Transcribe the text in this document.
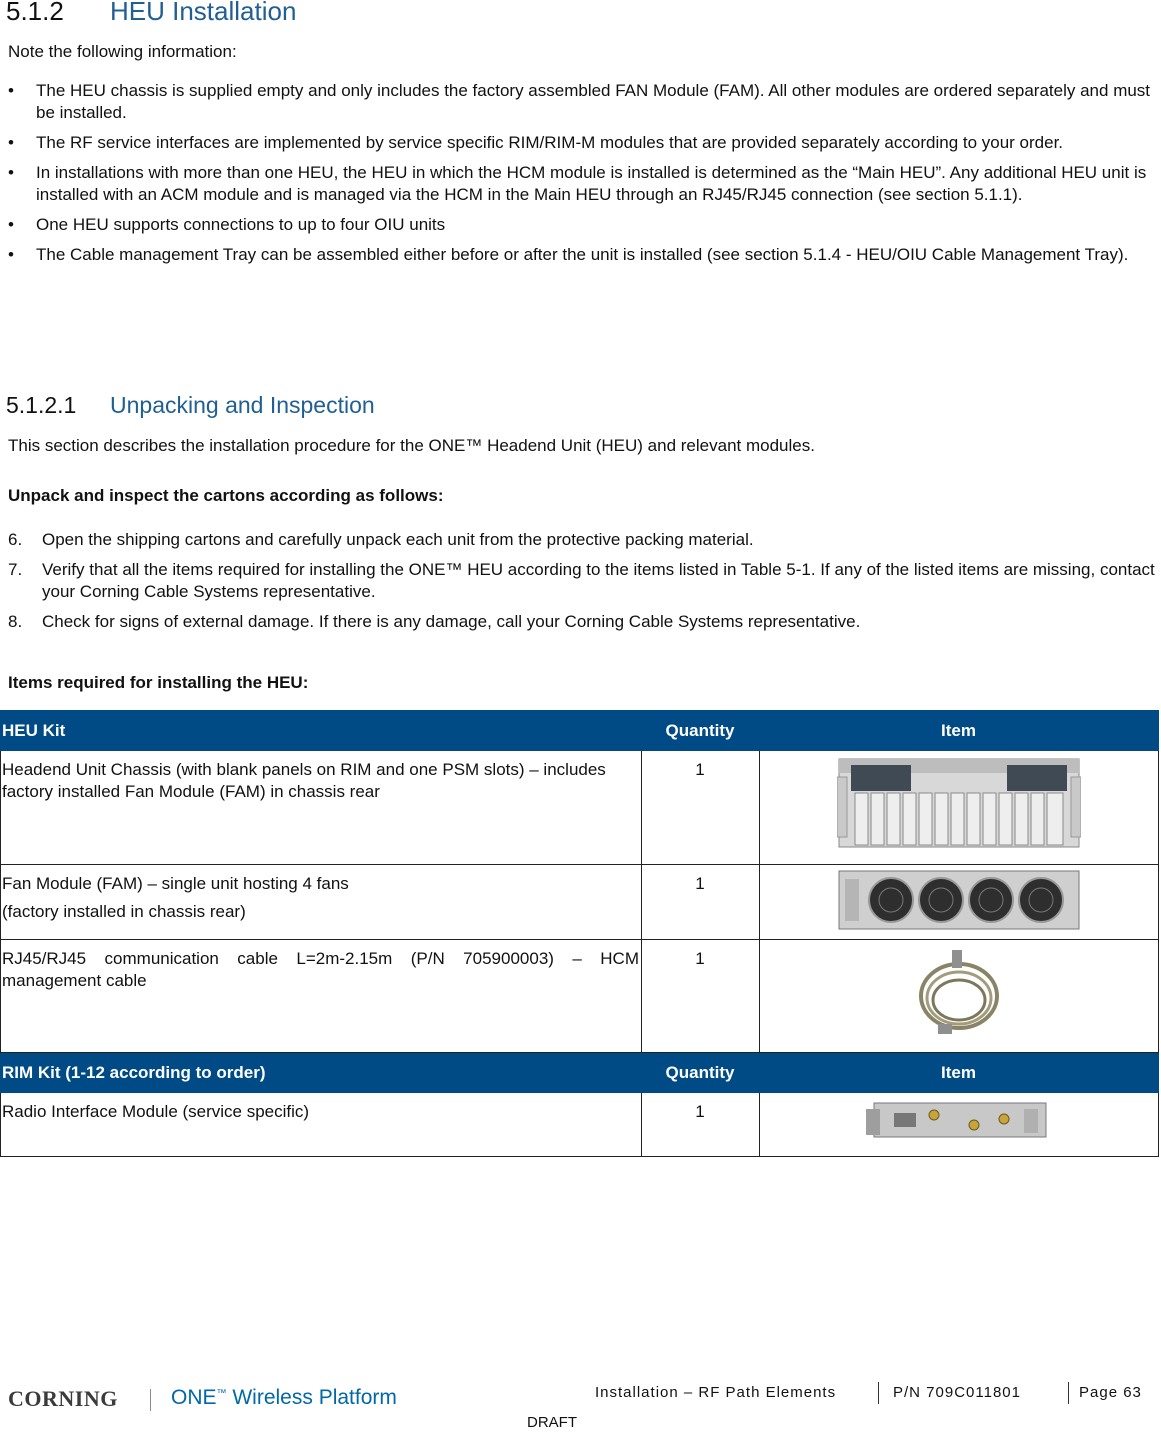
5.1.2 HEU Installation
Note the following information:
• The HEU chassis is supplied empty and only includes the factory assembled FAN Module (FAM). All other modules are ordered separately and must be installed.
• The RF service interfaces are implemented by service specific RIM/RIM-M modules that are provided separately according to your order.
• In installations with more than one HEU, the HEU in which the HCM module is installed is determined as the “Main HEU”. Any additional HEU unit is installed with an ACM module and is managed via the HCM in the Main HEU through an RJ45/RJ45 connection (see section 5.1.1).
• One HEU supports connections to up to four OIU units
• The Cable management Tray can be assembled either before or after the unit is installed (see section 5.1.4 - HEU/OIU Cable Management Tray).
5.1.2.1 Unpacking and Inspection
This section describes the installation procedure for the ONE™ Headend Unit (HEU) and relevant modules.
Unpack and inspect the cartons according as follows:
6. Open the shipping cartons and carefully unpack each unit from the protective packing material.
7. Verify that all the items required for installing the ONE™ HEU according to the items listed in Table 5-1. If any of the listed items are missing, contact your Corning Cable Systems representative.
8. Check for signs of external damage. If there is any damage, call your Corning Cable Systems representative.
Items required for installing the HEU:
HEU Kit	Quantity	Item
Headend Unit Chassis (with blank panels on RIM and one PSM slots) – includes factory installed Fan Module (FAM) in chassis rear	1	

Fan Module (FAM) – single unit hosting 4 fans
(factory installed in chassis rear)	1	
RJ45/RJ45 communication cable L=2m-2.15m (P/N 705900003) – HCM management cable	1	
RIM Kit (1-12 according to order)	Quantity	Item
Radio Interface Module (service specific)	1	
CORNING	ONE™ Wireless Platform	Installation – RF Path Elements	P/N 709C011801	Page 63
DRAFT
